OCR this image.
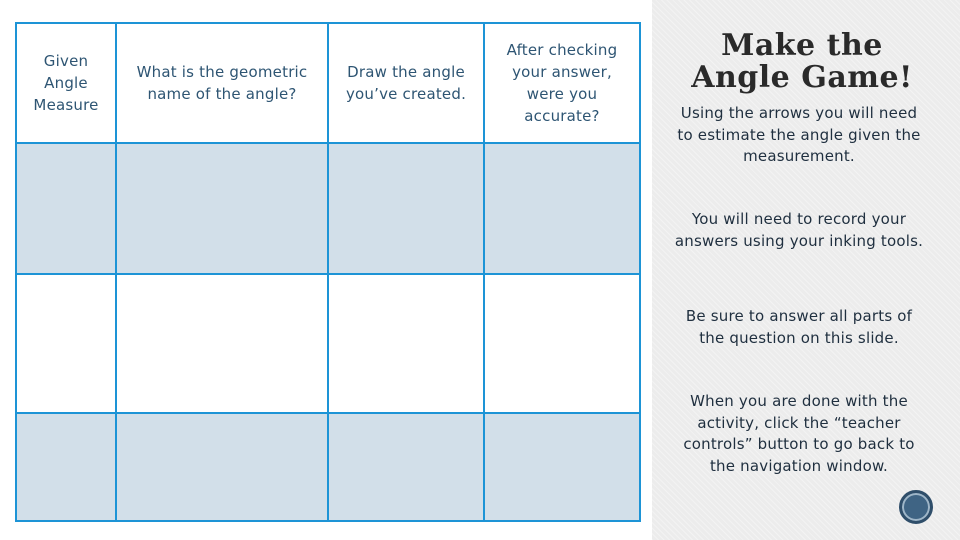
Given Angle Measure	What is the geometric name of the angle?	Draw the angle you’ve created.	After checking your answer, were you accurate?

Make the Angle Game!
Using the arrows you will need to estimate the angle given the measurement.
You will need to record your answers using your inking tools.
Be sure to answer all parts of the question on this slide.
When you are done with the activity, click the “teacher controls” button to go back to the navigation window.
